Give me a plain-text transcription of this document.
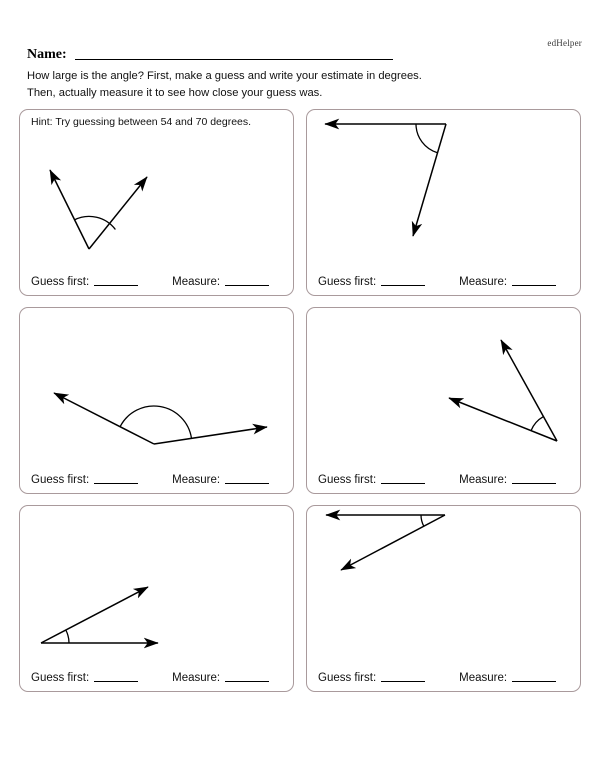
edHelper
Name:
How large is the angle? First, make a guess and write your estimate in degrees.
Then, actually measure it to see how close your guess was.
Hint: Try guessing between 54 and 70 degrees.
Guess first:	Measure:	Guess first:	Measure:
Guess first:	Measure:	Guess first:	Measure:
Guess first:	Measure:	Guess first:	Measure:
